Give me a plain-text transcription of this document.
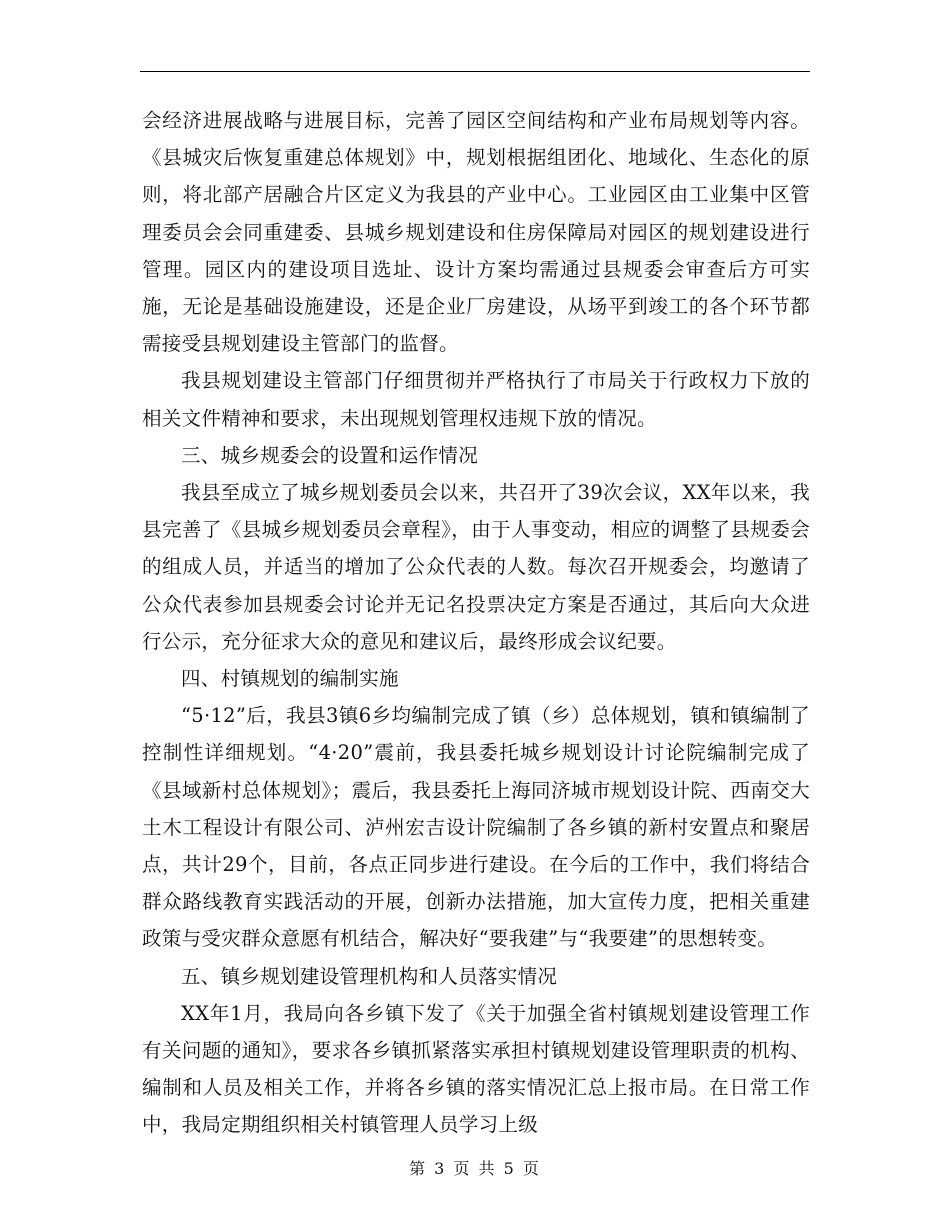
会经济进展战略与进展目标，完善了园区空间结构和产业布局规划等内容。《县城灾后恢复重建总体规划》中，规划根据组团化、地域化、生态化的原则，将北部产居融合片区定义为我县的产业中心。工业园区由工业集中区管理委员会会同重建委、县城乡规划建设和住房保障局对园区的规划建设进行管理。园区内的建设项目选址、设计方案均需通过县规委会审查后方可实施，无论是基础设施建设，还是企业厂房建设，从场平到竣工的各个环节都需接受县规划建设主管部门的监督。

我县规划建设主管部门仔细贯彻并严格执行了市局关于行政权力下放的相关文件精神和要求，未出现规划管理权违规下放的情况。

三、城乡规委会的设置和运作情况

我县至成立了城乡规划委员会以来，共召开了39次会议，XX年以来，我县完善了《县城乡规划委员会章程》，由于人事变动，相应的调整了县规委会的组成人员，并适当的增加了公众代表的人数。每次召开规委会，均邀请了公众代表参加县规委会讨论并无记名投票决定方案是否通过，其后向大众进行公示，充分征求大众的意见和建议后，最终形成会议纪要。

四、村镇规划的编制实施

“5·12”后，我县3镇6乡均编制完成了镇（乡）总体规划，镇和镇编制了控制性详细规划。“4·20”震前，我县委托城乡规划设计讨论院编制完成了《县域新村总体规划》；震后，我县委托上海同济城市规划设计院、西南交大土木工程设计有限公司、泸州宏吉设计院编制了各乡镇的新村安置点和聚居点，共计29个，目前，各点正同步进行建设。在今后的工作中，我们将结合群众路线教育实践活动的开展，创新办法措施，加大宣传力度，把相关重建政策与受灾群众意愿有机结合，解决好“要我建”与“我要建”的思想转变。

五、镇乡规划建设管理机构和人员落实情况

XX年1月，我局向各乡镇下发了《关于加强全省村镇规划建设管理工作有关问题的通知》，要求各乡镇抓紧落实承担村镇规划建设管理职责的机构、编制和人员及相关工作，并将各乡镇的落实情况汇总上报市局。在日常工作中，我局定期组织相关村镇管理人员学习上级

第 3 页 共 5 页
